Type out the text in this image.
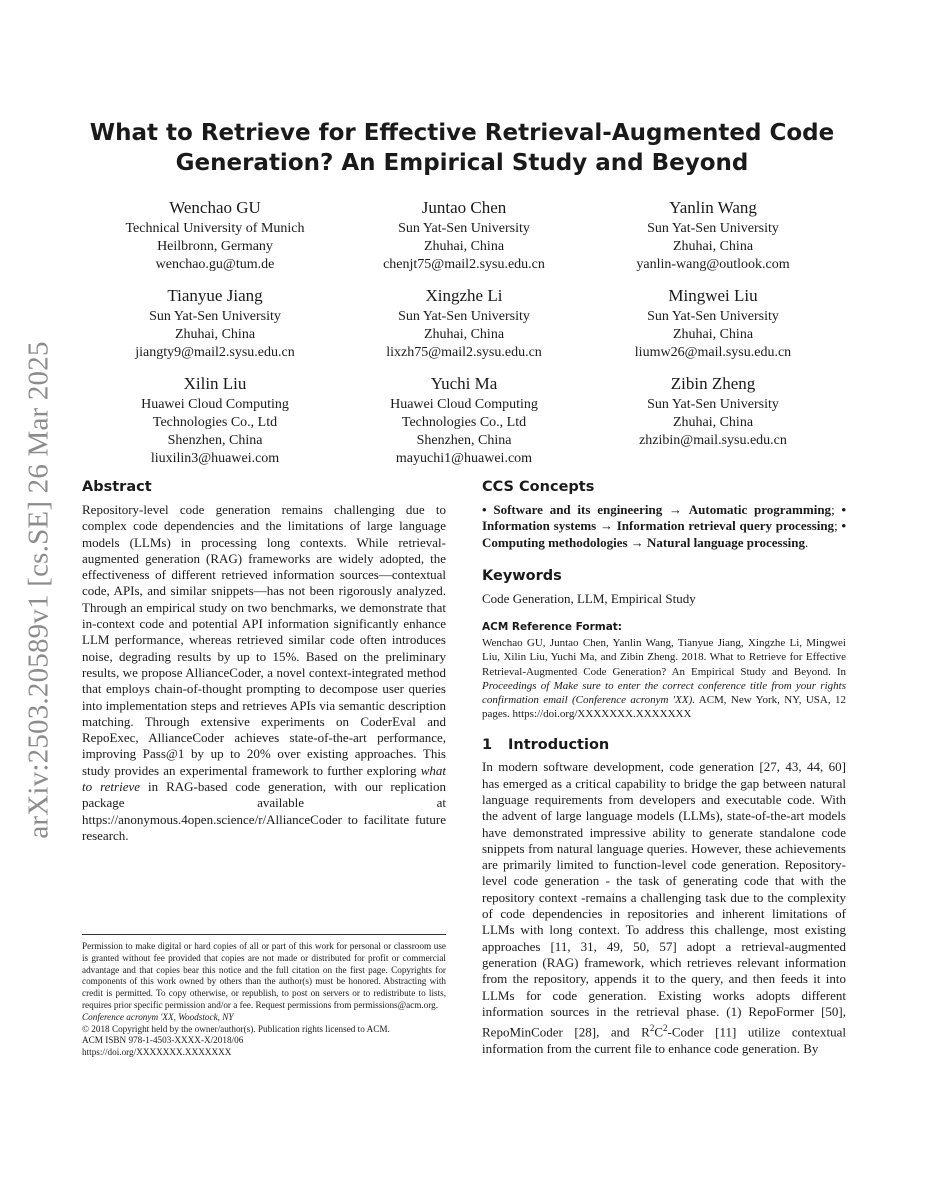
arXiv:2503.20589v1 [cs.SE] 26 Mar 2025
What to Retrieve for Effective Retrieval-Augmented Code
Generation? An Empirical Study and Beyond
Wenchao GU
Technical University of Munich
Heilbronn, Germany
wenchao.gu@tum.de
Juntao Chen
Sun Yat-Sen University
Zhuhai, China
chenjt75@mail2.sysu.edu.cn
Yanlin Wang
Sun Yat-Sen University
Zhuhai, China
yanlin-wang@outlook.com
Tianyue Jiang
Sun Yat-Sen University
Zhuhai, China
jiangty9@mail2.sysu.edu.cn
Xingzhe Li
Sun Yat-Sen University
Zhuhai, China
lixzh75@mail2.sysu.edu.cn
Mingwei Liu
Sun Yat-Sen University
Zhuhai, China
liumw26@mail.sysu.edu.cn
Xilin Liu
Huawei Cloud Computing
Technologies Co., Ltd
Shenzhen, China
liuxilin3@huawei.com
Yuchi Ma
Huawei Cloud Computing
Technologies Co., Ltd
Shenzhen, China
mayuchi1@huawei.com
Zibin Zheng
Sun Yat-Sen University
Zhuhai, China
zhzibin@mail.sysu.edu.cn
Abstract

Repository-level code generation remains challenging due to complex code dependencies and the limitations of large language models (LLMs) in processing long contexts. While retrieval-augmented generation (RAG) frameworks are widely adopted, the effectiveness of different retrieved information sources—contextual code, APIs, and similar snippets—has not been rigorously analyzed. Through an empirical study on two benchmarks, we demonstrate that in-context code and potential API information significantly enhance LLM performance, whereas retrieved similar code often introduces noise, degrading results by up to 15%. Based on the preliminary results, we propose AllianceCoder, a novel context-integrated method that employs chain-of-thought prompting to decompose user queries into implementation steps and retrieves APIs via semantic description matching. Through extensive experiments on CoderEval and RepoExec, AllianceCoder achieves state-of-the-art performance, improving Pass@1 by up to 20% over existing approaches. This study provides an experimental framework to further exploring what to retrieve in RAG-based code generation, with our replication package available at https://anonymous.4open.science/r/AllianceCoder to facilitate future research.

CCS Concepts
• Software and its engineering → Automatic programming; • Information systems → Information retrieval query processing; • Computing methodologies → Natural language processing.
Keywords

Code Generation, LLM, Empirical Study

ACM Reference Format:

Wenchao GU, Juntao Chen, Yanlin Wang, Tianyue Jiang, Xingzhe Li, Mingwei Liu, Xilin Liu, Yuchi Ma, and Zibin Zheng. 2018. What to Retrieve for Effective Retrieval-Augmented Code Generation? An Empirical Study and Beyond. In Proceedings of Make sure to enter the correct conference title from your rights confirmation email (Conference acronym 'XX). ACM, New York, NY, USA, 12 pages. https://doi.org/XXXXXXX.XXXXXXX

1 Introduction

In modern software development, code generation [27, 43, 44, 60] has emerged as a critical capability to bridge the gap between natural language requirements from developers and executable code. With the advent of large language models (LLMs), state-of-the-art models have demonstrated impressive ability to generate standalone code snippets from natural language queries. However, these achievements are primarily limited to function-level code generation. Repository-level code generation - the task of generating code that with the repository context -remains a challenging task due to the complexity of code dependencies in repositories and inherent limitations of LLMs with long context. To address this challenge, most existing approaches [11, 31, 49, 50, 57] adopt a retrieval-augmented generation (RAG) framework, which retrieves relevant information from the repository, appends it to the query, and then feeds it into LLMs for code generation. Existing works adopts different information sources in the retrieval phase. (1) RepoFormer [50], RepoMinCoder [28], and $R^2C^2$-Coder [11] utilize contextual information from the current file to enhance code generation. By

Permission to make digital or hard copies of all or part of this work for personal or classroom use is granted without fee provided that copies are not made or distributed for profit or commercial advantage and that copies bear this notice and the full citation on the first page. Copyrights for components of this work owned by others than the author(s) must be honored. Abstracting with credit is permitted. To copy otherwise, or republish, to post on servers or to redistribute to lists, requires prior specific permission and/or a fee. Request permissions from permissions@acm.org.

Conference acronym 'XX, Woodstock, NY

© 2018 Copyright held by the owner/author(s). Publication rights licensed to ACM.

ACM ISBN 978-1-4503-XXXX-X/2018/06

https://doi.org/XXXXXXX.XXXXXXX
